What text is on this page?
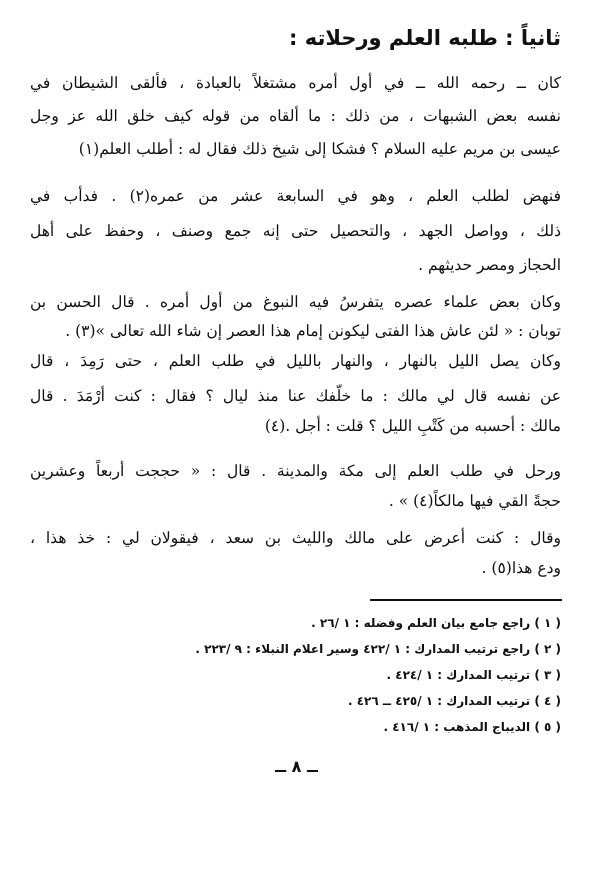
ثانياً : طلبه العلم ورحلاته :
كان ــ رحمه الله ــ في أول أمره مشتغلاً بالعبادة ، فألقى الشيطان في
نفسه بعض الشبهات ، من ذلك : ما ألقاه من قوله كيف خلق الله عز وجل
عيسى بن مريم عليه السلام ؟ فشكا إلى شيخ ذلك فقال له : أطلب العلم(١)
فنهض لطلب العلم ، وهو في السابعة عشر من عمره(٢) . فدأب في
ذلك ، وواصل الجهد ، والتحصيل حتى إنه جمع وصنف ، وحفظ على أهل
الحجاز ومصر حديثهم .
وكان بعض علماء عصره يتفرسُ فيه النبوغ من أول أمره . قال الحسن بن
توبان : « لئن عاش هذا الفتى ليكونن إمام هذا العصر إن شاء الله تعالى »(٣) .
وكان يصل الليل بالنهار ، والنهار بالليل في طلب العلم ، حتى رَمِدَ ، قال
عن نفسه قال لي مالك : ما خلّفك عنا منذ ليال ؟ فقال : كنت أرْمَدَ . قال
مالك : أحسبه من كَتْبِ الليل ؟ قلت : أجل .(٤)
ورحل في طلب العلم إلى مكة والمدينة . قال : « حججت أربعاً وعشرين
حجةً القي فيها مالكاً(٤) » .
وقال : كنت أعرض على مالك والليث بن سعد ، فيقولان لي : خذ هذا ،
ودع هذا(٥) .
( ١ ) راجع جامع بيان العلم وفضله : ١ /٢٦ .
( ٢ ) راجع ترتيب المدارك : ١ /٤٢٢ وسير اعلام النبلاء : ٩ /٢٢٣ .
( ٣ ) ترتيب المدارك : ١ /٤٢٤ .
( ٤ ) ترتيب المدارك : ١ /٤٢٥ ــ ٤٢٦ .
( ٥ ) الديباج المذهب : ١ /٤١٦ .
ــ ٨ ــ
